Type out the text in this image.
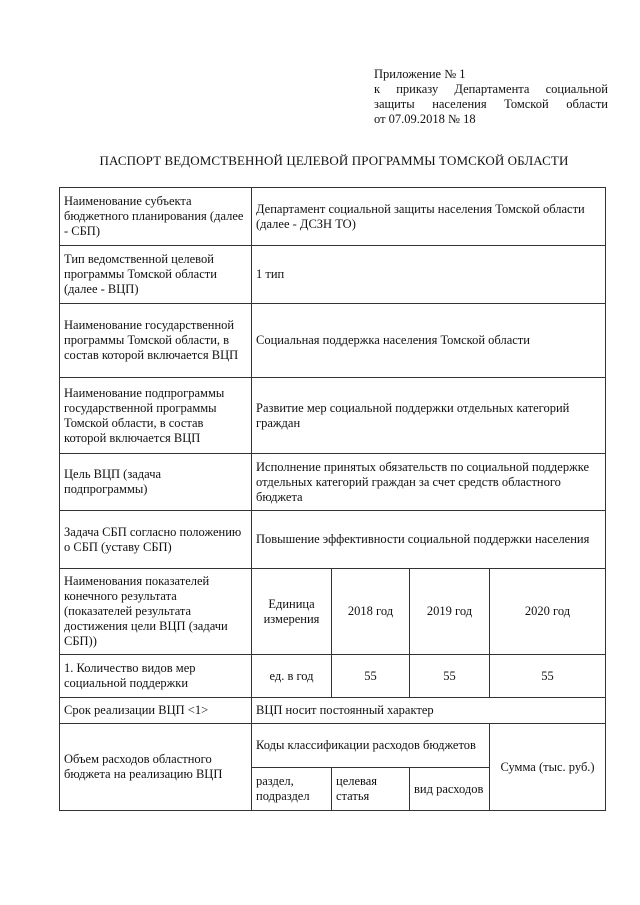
Приложение № 1
к приказу Департамента социальной
защиты населения Томской области
от 07.09.2018 № 18
ПАСПОРТ ВЕДОМСТВЕННОЙ ЦЕЛЕВОЙ ПРОГРАММЫ ТОМСКОЙ ОБЛАСТИ
Наименование субъекта бюджетного планирования (далее - СБП)	Департамент социальной защиты населения Томской области (далее - ДСЗН ТО)			
Тип ведомственной целевой программы Томской области (далее - ВЦП)	1 тип			
Наименование государственной программы Томской области, в состав которой включается ВЦП	Социальная поддержка населения Томской области			
Наименование подпрограммы государственной программы Томской области, в состав которой включается ВЦП	Развитие мер социальной поддержки отдельных категорий граждан			
Цель ВЦП (задача подпрограммы)	Исполнение принятых обязательств по социальной поддержке отдельных категорий граждан за счет средств областного бюджета			
Задача СБП согласно положению о СБП (уставу СБП)	Повышение эффективности социальной поддержки населения			
Наименования показателей конечного результата (показателей результата достижения цели ВЦП (задачи СБП))	Единица измерения	2018 год	2019 год	2020 год
1. Количество видов мер социальной поддержки	ед. в год	55	55	55
Срок реализации ВЦП <1>	ВЦП носит постоянный характер			
Объем расходов областного бюджета на реализацию ВЦП	Коды классификации расходов бюджетов			Сумма (тыс. руб.)
	раздел, подраздел	целевая статья	вид расходов	
